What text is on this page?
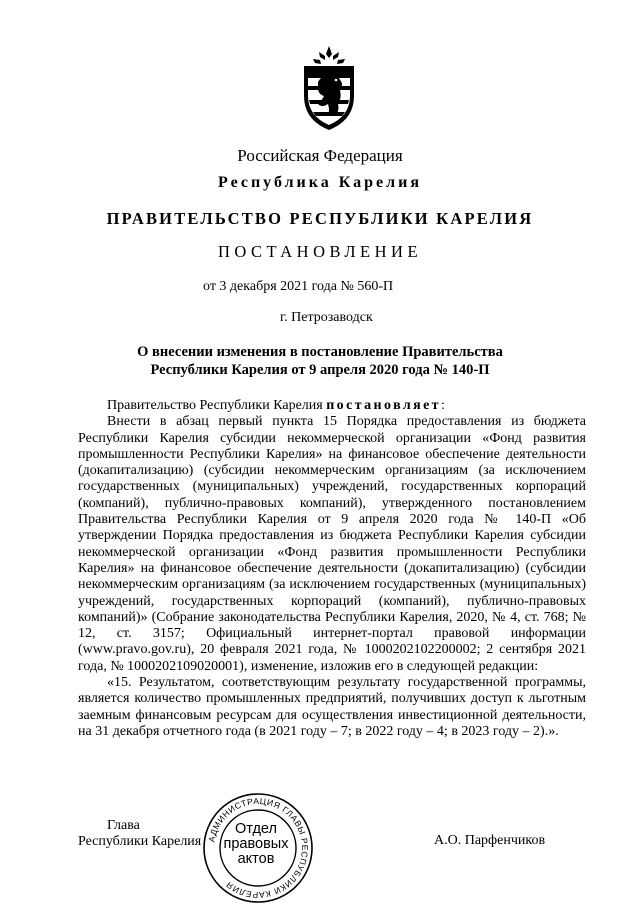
Российская Федерация
Республика Карелия
ПРАВИТЕЛЬСТВО РЕСПУБЛИКИ КАРЕЛИЯ
ПОСТАНОВЛЕНИЕ
от 3 декабря 2021 года № 560-П
г. Петрозаводск
О внесении изменения в постановление Правительства
Республики Карелия от 9 апреля 2020 года № 140-П

Правительство Республики Карелия постановляет:

Внести в абзац первый пункта 15 Порядка предоставления из бюджета Республики Карелия субсидии некоммерческой организации «Фонд развития промышленности Республики Карелия» на финансовое обеспечение деятельности (докапитализацию) (субсидии некоммерческим организациям (за исключением государственных (муниципальных) учреждений, государственных корпораций (компаний), публично-правовых компаний), утвержденного постановлением Правительства Республики Карелия от 9 апреля 2020 года № 140-П «Об утверждении Порядка предоставления из бюджета Республики Карелия субсидии некоммерческой организации «Фонд развития промышленности Республики Карелия» на финансовое обеспечение деятельности (докапитализацию) (субсидии некоммерческим организациям (за исключением государственных (муниципальных) учреждений, государственных корпораций (компаний), публично-правовых компаний)» (Собрание законодательства Республики Карелия, 2020, № 4, ст. 768; № 12, ст. 3157; Официальный интернет-портал правовой информации (www.pravo.gov.ru), 20 февраля 2021 года, № 1000202102200002; 2 сентября 2021 года, № 1000202109020001), изменение, изложив его в следующей редакции:

«15. Результатом, соответствующим результату государственной программы, является количество промышленных предприятий, получивших доступ к льготным заемным финансовым ресурсам для осуществления инвестиционной деятельности, на 31 декабря отчетного года (в 2021 году – 7; в 2022 году – 4; в 2023 году – 2).».

Глава
Республики Карелия	А.О. Парфенчиков
АДМИНИСТРАЦИЯ ГЛАВЫ РЕСПУБЛИКИ КАРЕЛИЯ
Отдел
правовых
актов
